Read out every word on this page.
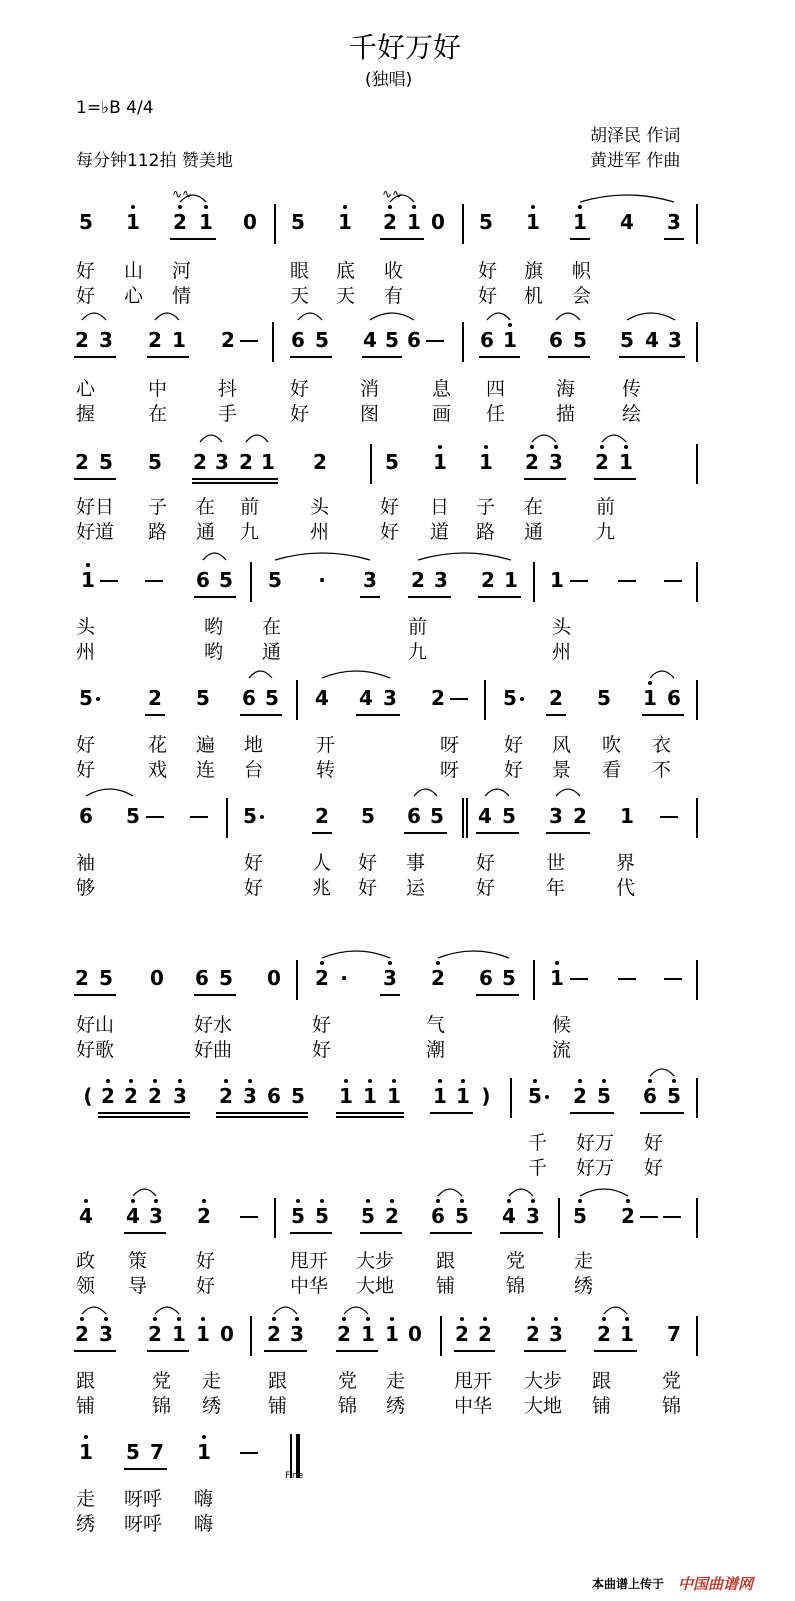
千好万好
(独唱)
1=♭B 4/4
胡泽民 作词
每分钟112拍 赞美地	黄进军 作曲
5 1 2 1 0 5 1 2 1 0 5 1 1 4 3
2 3 2 1 2	6 5 4 5 6	6 1 6 5 5 4 3
2 5 5 2 3 2 1 2	5 1 1 2 3 2 1
1	6 5 5 · 3 2 3 2 1 1
5	2 5 6 5 4 4 3 2	5 2 5 1 6
6 5	5	2 5 6 5 4 5 3 2 1
2 5 0 6 5 0 2 · 3 2 6 5 1
( 2 2 2 3 2 3 6 5 1 1 1 1 1 ) 5 2 5 6 5
4 4 3 2	5 5 5 2 6 5 4 3 5 2
2 3 2 1 1 0 2 3 2 1 1 0 2 2 2 3 2 1 7
1 5 7 1
∿∿	∿∿
好 山 河	眼 底 收	好 旗 帜
好 心 情	天 天 有	好 机 会
心	中	抖	好	消	息 四	海 传
握	在	手	好	图	画 任	描 绘
好日 子 在 前	头	好 日 子 在	前
好道 路 通 九	州	好 道 路 通	九
头	哟 在	前	头
州	哟 通	九	州
好	花 遍 地	开	呀 好 风 吹 衣
好	戏 连 台	转	呀 好 景 看 不
袖	好	人 好 事	好	世	界
够	好	兆 好 运	好	年	代
好山	好水	好	气	候
好歌	好曲	好	潮	流
千 好万 好
千 好万 好
政 策	好	甩开 大步 跟	党	走
领 导	好	中华 大地 铺	锦	绣
跟	党 走 跟	党 走	甩开 大步 跟	党
铺	锦 绣 铺	锦 绣	中华 大地 铺	锦
走 呀呼 嗨
绣 呀呼 嗨
Fine
本曲谱上传于 中国曲谱网
